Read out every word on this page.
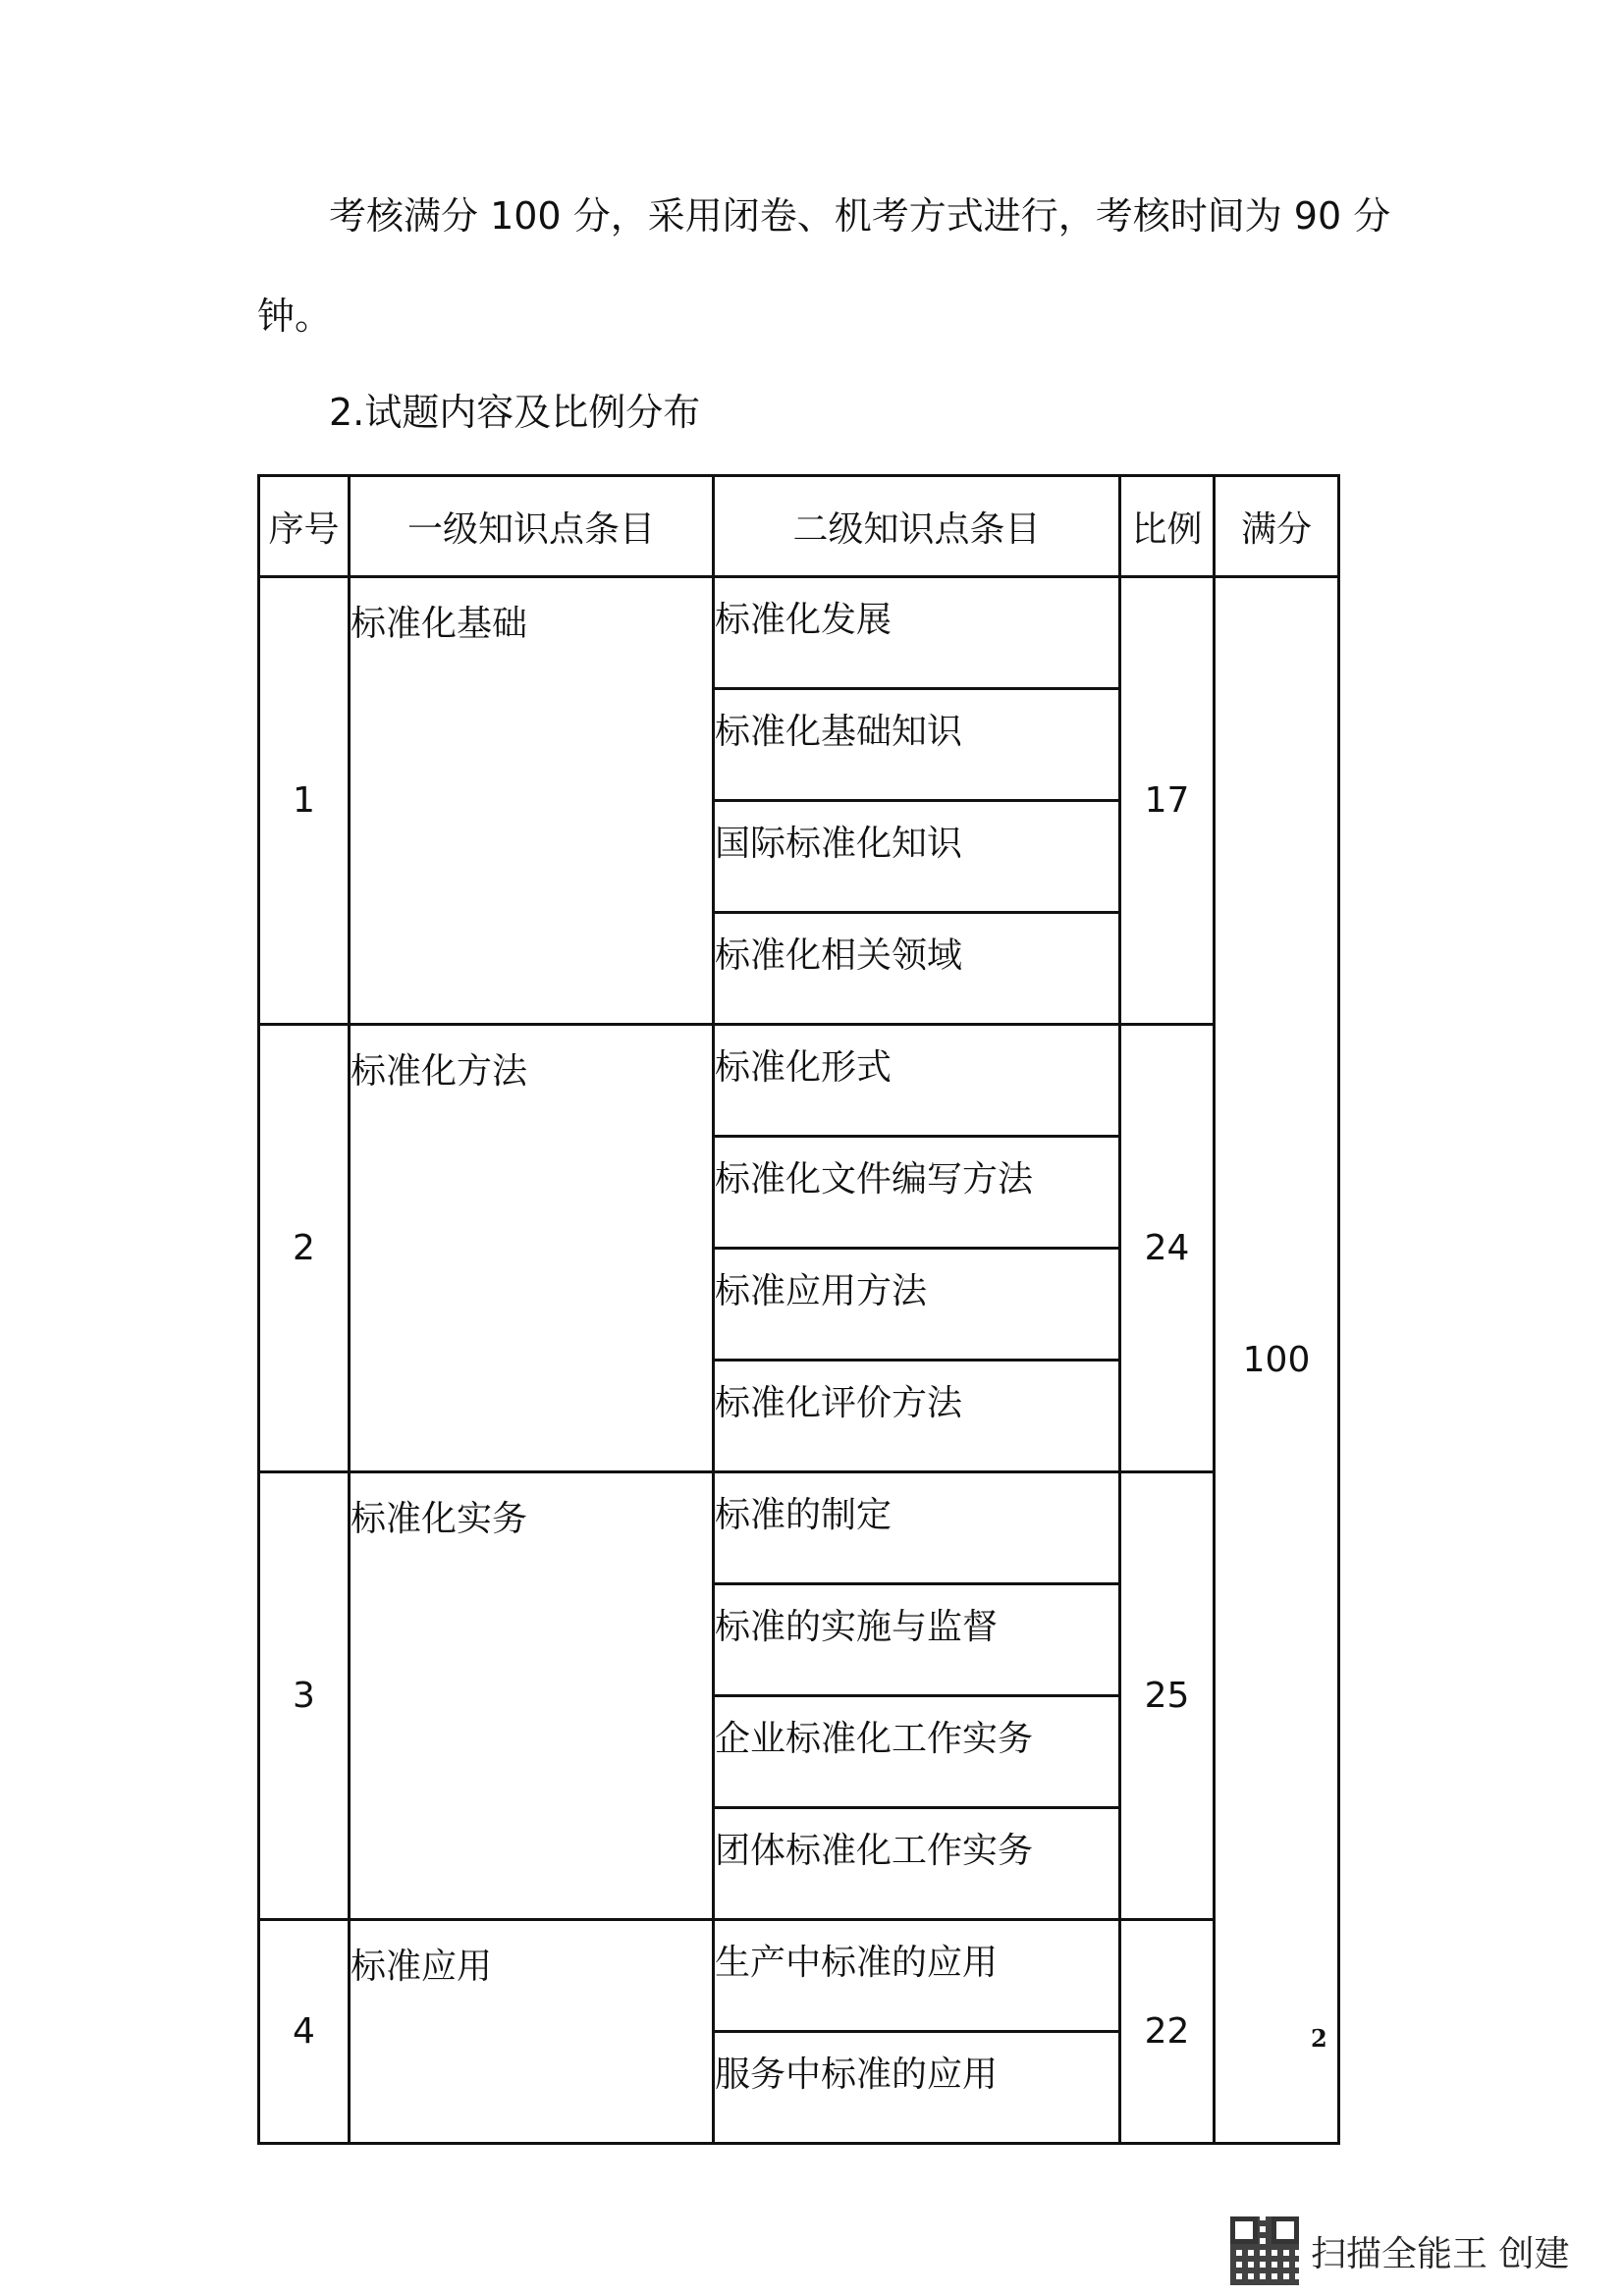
考核满分 100 分，采用闭卷、机考方式进行，考核时间为 90 分
钟。
2.试题内容及比例分布
序号	一级知识点条目	二级知识点条目	比例	满分
1	标准化基础	标准化发展	17	100
		标准化基础知识		
		国际标准化知识		
		标准化相关领域		
2	标准化方法	标准化形式	24	
		标准化文件编写方法		
		标准应用方法		
		标准化评价方法		
3	标准化实务	标准的制定	25	
		标准的实施与监督		
		企业标准化工作实务		
		团体标准化工作实务		
4	标准应用	生产中标准的应用	22	
		服务中标准的应用		
2
扫描全能王 创建
